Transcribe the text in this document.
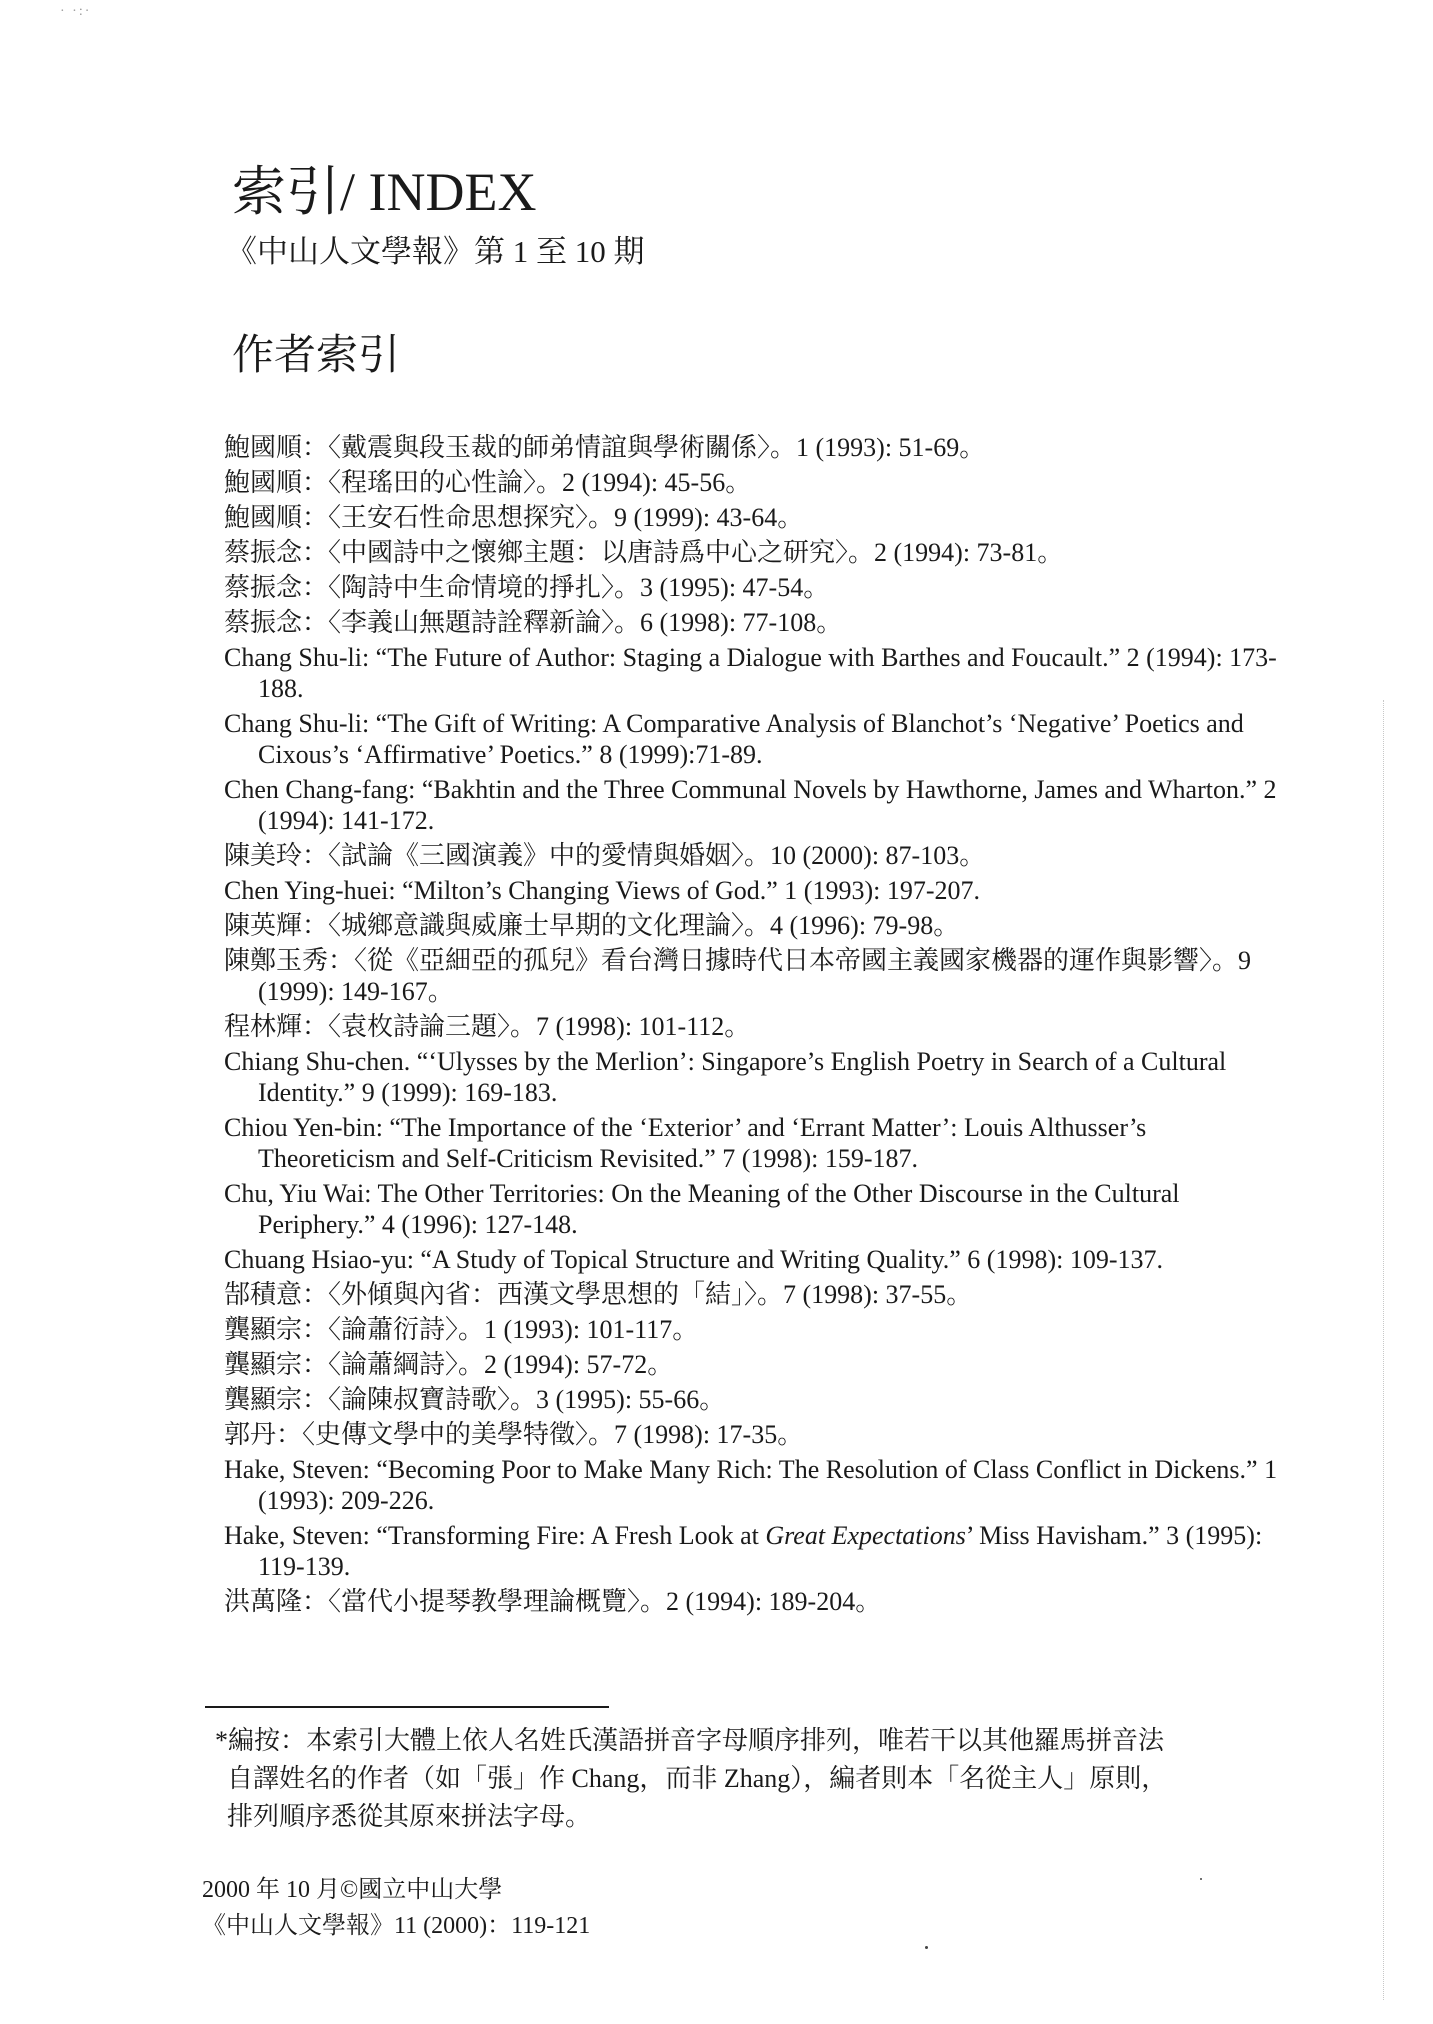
· ·:·
索引/ INDEX
《中山人文學報》第 1 至 10 期
作者索引
鮑國順：〈戴震與段玉裁的師弟情誼與學術關係〉。1 (1993): 51-69。
鮑國順：〈程瑤田的心性論〉。2 (1994): 45-56。
鮑國順：〈王安石性命思想探究〉。9 (1999): 43-64。
蔡振念：〈中國詩中之懷鄉主題：以唐詩爲中心之研究〉。2 (1994): 73-81。
蔡振念：〈陶詩中生命情境的掙扎〉。3 (1995): 47-54。
蔡振念：〈李義山無題詩詮釋新論〉。6 (1998): 77-108。
Chang Shu-li: “The Future of Author: Staging a Dialogue with Barthes and Foucault.” 2 (1994): 173-188.
Chang Shu-li: “The Gift of Writing: A Comparative Analysis of Blanchot’s ‘Negative’ Poetics and Cixous’s ‘Affirmative’ Poetics.” 8 (1999):71-89.
Chen Chang-fang: “Bakhtin and the Three Communal Novels by Hawthorne, James and Wharton.” 2 (1994): 141-172.
陳美玲：〈試論《三國演義》中的愛情與婚姻〉。10 (2000): 87-103。
Chen Ying-huei: “Milton’s Changing Views of God.” 1 (1993): 197-207.
陳英輝：〈城鄉意識與威廉士早期的文化理論〉。4 (1996): 79-98。
陳鄭玉秀：〈從《亞細亞的孤兒》看台灣日據時代日本帝國主義國家機器的運作與影響〉。9 (1999): 149-167。
程林輝：〈袁枚詩論三題〉。7 (1998): 101-112。
Chiang Shu-chen. “‘Ulysses by the Merlion’: Singapore’s English Poetry in Search of a Cultural Identity.” 9 (1999): 169-183.
Chiou Yen-bin: “The Importance of the ‘Exterior’ and ‘Errant Matter’: Louis Althusser’s Theoreticism and Self-Criticism Revisited.” 7 (1998): 159-187.
Chu, Yiu Wai: The Other Territories: On the Meaning of the Other Discourse in the Cultural Periphery.” 4 (1996): 127-148.
Chuang Hsiao-yu: “A Study of Topical Structure and Writing Quality.” 6 (1998): 109-137.
郜積意：〈外傾與內省：西漢文學思想的「結」〉。7 (1998): 37-55。
龔顯宗：〈論蕭衍詩〉。1 (1993): 101-117。
龔顯宗：〈論蕭綱詩〉。2 (1994): 57-72。
龔顯宗：〈論陳叔寶詩歌〉。3 (1995): 55-66。
郭丹：〈史傳文學中的美學特徵〉。7 (1998): 17-35。
Hake, Steven: “Becoming Poor to Make Many Rich: The Resolution of Class Conflict in Dickens.” 1 (1993): 209-226.
Hake, Steven: “Transforming Fire: A Fresh Look at Great Expectations’ Miss Havisham.” 3 (1995): 119-139.
洪萬隆：〈當代小提琴教學理論概覽〉。2 (1994): 189-204。
*編按：本索引大體上依人名姓氏漢語拼音字母順序排列，唯若干以其他羅馬拼音法
自譯姓名的作者（如「張」作 Chang，而非 Zhang），編者則本「名從主人」原則，
排列順序悉從其原來拼法字母。
2000 年 10 月©國立中山大學
《中山人文學報》11 (2000)：119-121
